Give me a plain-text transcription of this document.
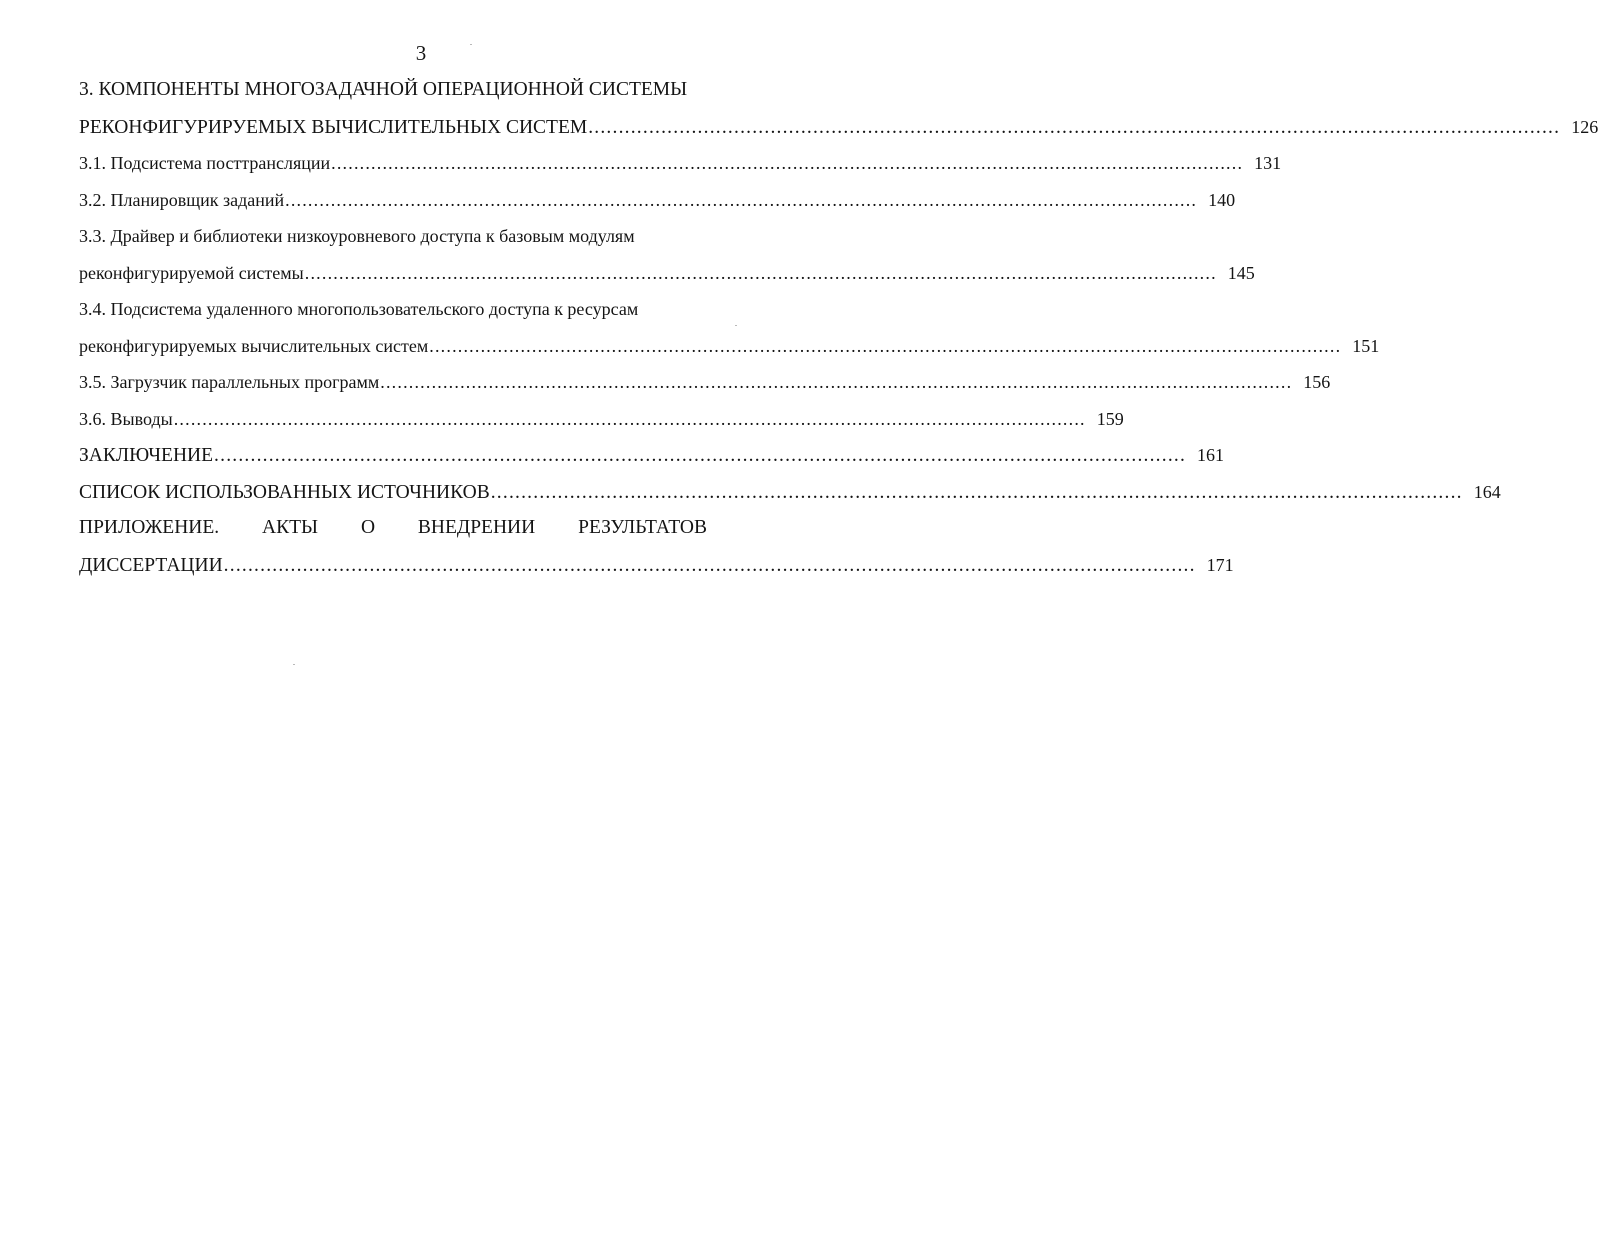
3
3. КОМПОНЕНТЫ МНОГОЗАДАЧНОЙ ОПЕРАЦИОННОЙ СИСТЕМЫ
РЕКОНФИГУРИРУЕМЫХ ВЫЧИСЛИТЕЛЬНЫХ СИСТЕМ ................................................................................................................................................................ 126
3.1. Подсистема посттрансляции ................................................................................................................................................................ 131
3.2. Планировщик заданий ................................................................................................................................................................ 140
3.3. Драйвер и библиотеки низкоуровневого доступа к базовым модулям
реконфигурируемой системы ................................................................................................................................................................ 145
3.4. Подсистема удаленного многопользовательского доступа к ресурсам
реконфигурируемых вычислительных систем ................................................................................................................................................................ 151
3.5. Загрузчик параллельных программ ................................................................................................................................................................ 156
3.6. Выводы ................................................................................................................................................................ 159
ЗАКЛЮЧЕНИЕ ................................................................................................................................................................ 161
СПИСОК ИСПОЛЬЗОВАННЫХ ИСТОЧНИКОВ ................................................................................................................................................................ 164
ПРИЛОЖЕНИЕ. АКТЫ О ВНЕДРЕНИИ РЕЗУЛЬТАТОВ
ДИССЕРТАЦИИ ................................................................................................................................................................ 171
